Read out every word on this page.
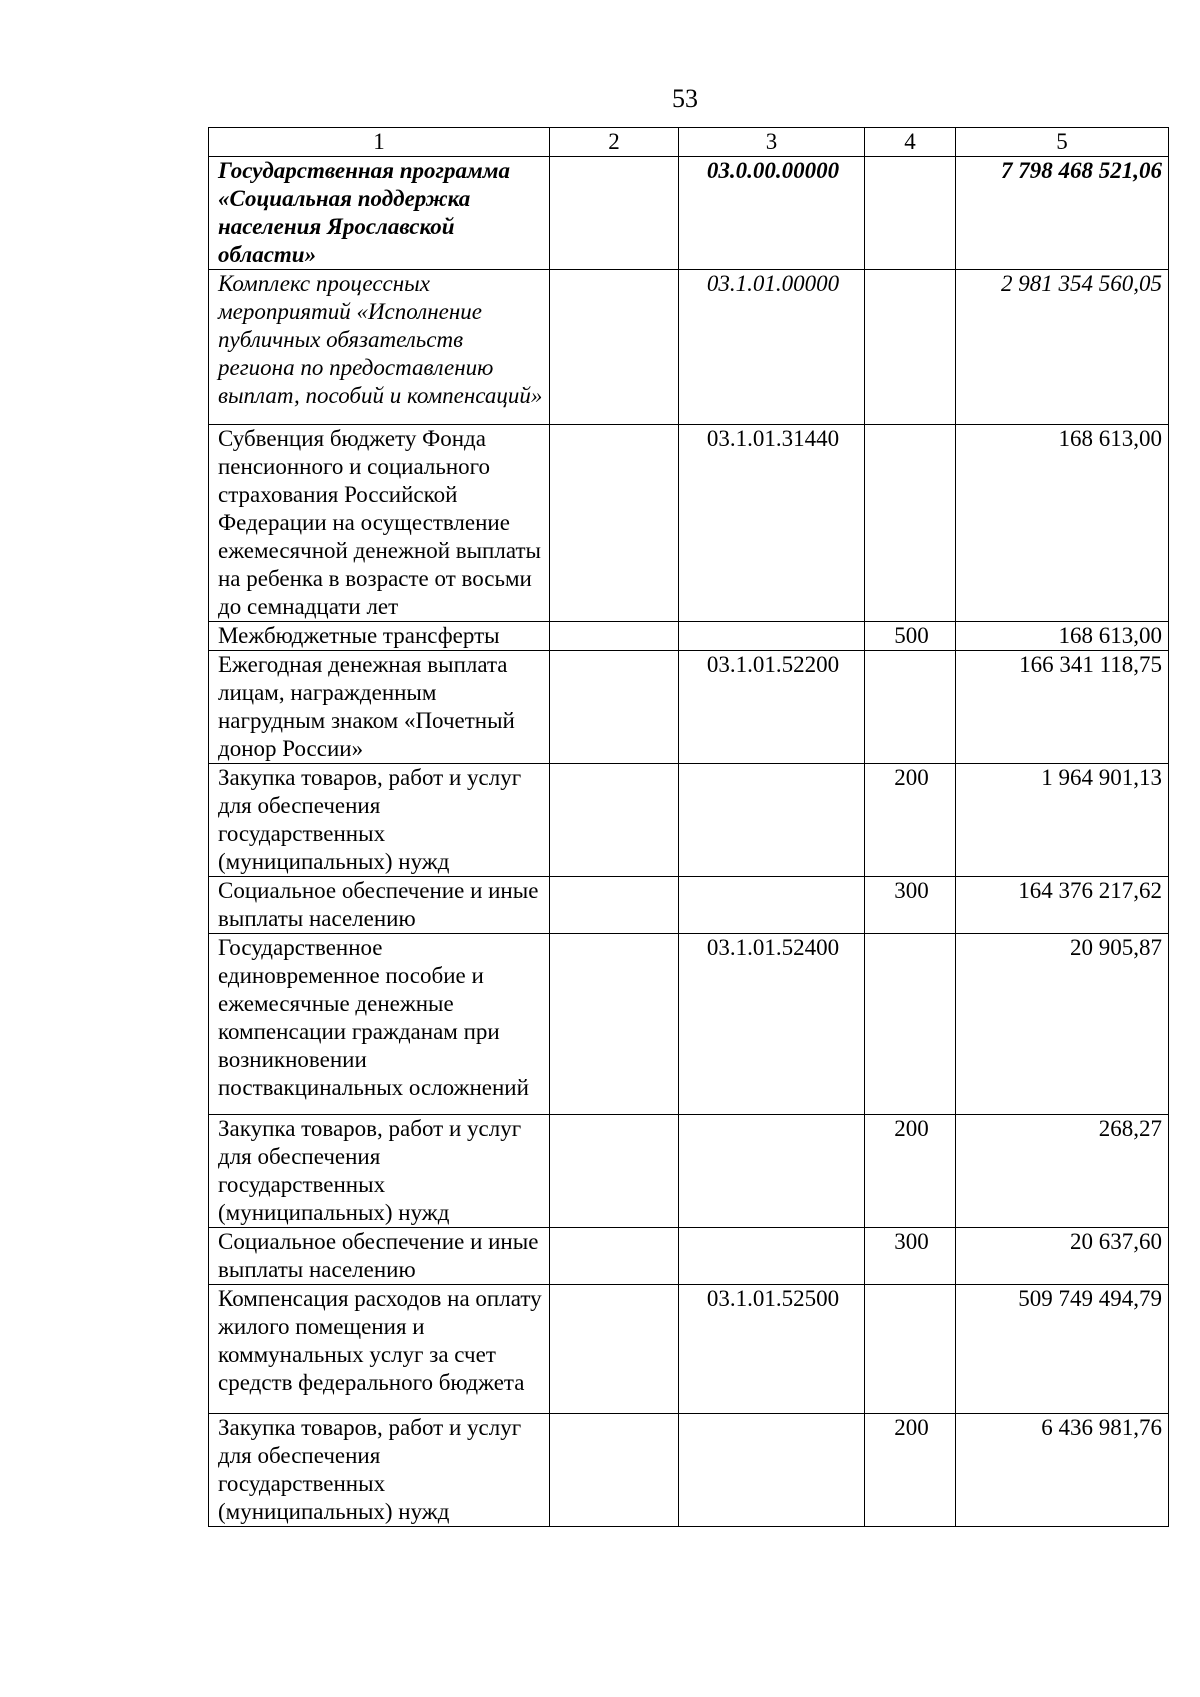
53
1	2	3	4	5
Государственная программа «Социальная поддержка населения Ярославской области»		03.0.00.00000		7 798 468 521,06
Комплекс процессных мероприятий «Исполнение публичных обязательств региона по предоставлению выплат, пособий и компенсаций»		03.1.01.00000		2 981 354 560,05
Субвенция бюджету Фонда пенсионного и социального страхования Российской Федерации на осуществление ежемесячной денежной выплаты на ребенка в возрасте от восьми до семнадцати лет		03.1.01.31440		168 613,00
Межбюджетные трансферты			500	168 613,00
Ежегодная денежная выплата лицам, награжденным нагрудным знаком «Почетный донор России»		03.1.01.52200		166 341 118,75
Закупка товаров, работ и услуг для обеспечения государственных (муниципальных) нужд			200	1 964 901,13
Социальное обеспечение и иные выплаты населению			300	164 376 217,62
Государственное единовременное пособие и ежемесячные денежные компенсации гражданам при возникновении поствакцинальных осложнений		03.1.01.52400		20 905,87
Закупка товаров, работ и услуг для обеспечения государственных (муниципальных) нужд			200	268,27
Социальное обеспечение и иные выплаты населению			300	20 637,60
Компенсация расходов на оплату жилого помещения и коммунальных услуг за счет средств федерального бюджета		03.1.01.52500		509 749 494,79
Закупка товаров, работ и услуг для обеспечения государственных (муниципальных) нужд			200	6 436 981,76
